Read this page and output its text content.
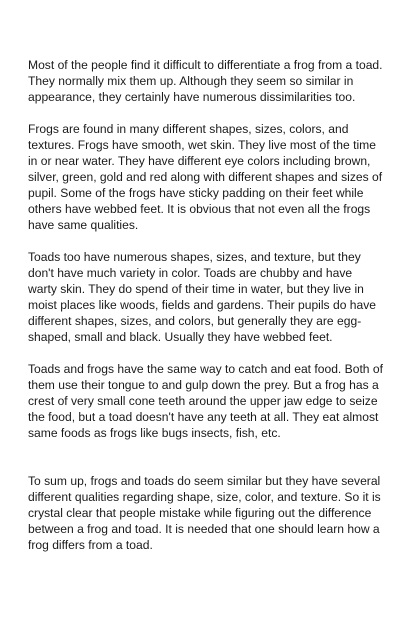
Most of the people find it difficult to differentiate a frog from a toad. They normally mix them up. Although they seem so similar in appearance, they certainly have numerous dissimilarities too.

Frogs are found in many different shapes, sizes, colors, and textures. Frogs have smooth, wet skin. They live most of the time in or near water. They have different eye colors including brown, silver, green, gold and red along with different shapes and sizes of pupil. Some of the frogs have sticky padding on their feet while others have webbed feet. It is obvious that not even all the frogs have same qualities.

Toads too have numerous shapes, sizes, and texture, but they don't have much variety in color. Toads are chubby and have warty skin. They do spend of their time in water, but they live in moist places like woods, fields and gardens. Their pupils do have different shapes, sizes, and colors, but generally they are egg-shaped, small and black. Usually they have webbed feet.

Toads and frogs have the same way to catch and eat food. Both of them use their tongue to and gulp down the prey. But a frog has a crest of very small cone teeth around the upper jaw edge to seize the food, but a toad doesn't have any teeth at all. They eat almost same foods as frogs like bugs insects, fish, etc.

To sum up, frogs and toads do seem similar but they have several different qualities regarding shape, size, color, and texture. So it is crystal clear that people mistake while figuring out the difference between a frog and toad. It is needed that one should learn how a frog differs from a toad.
